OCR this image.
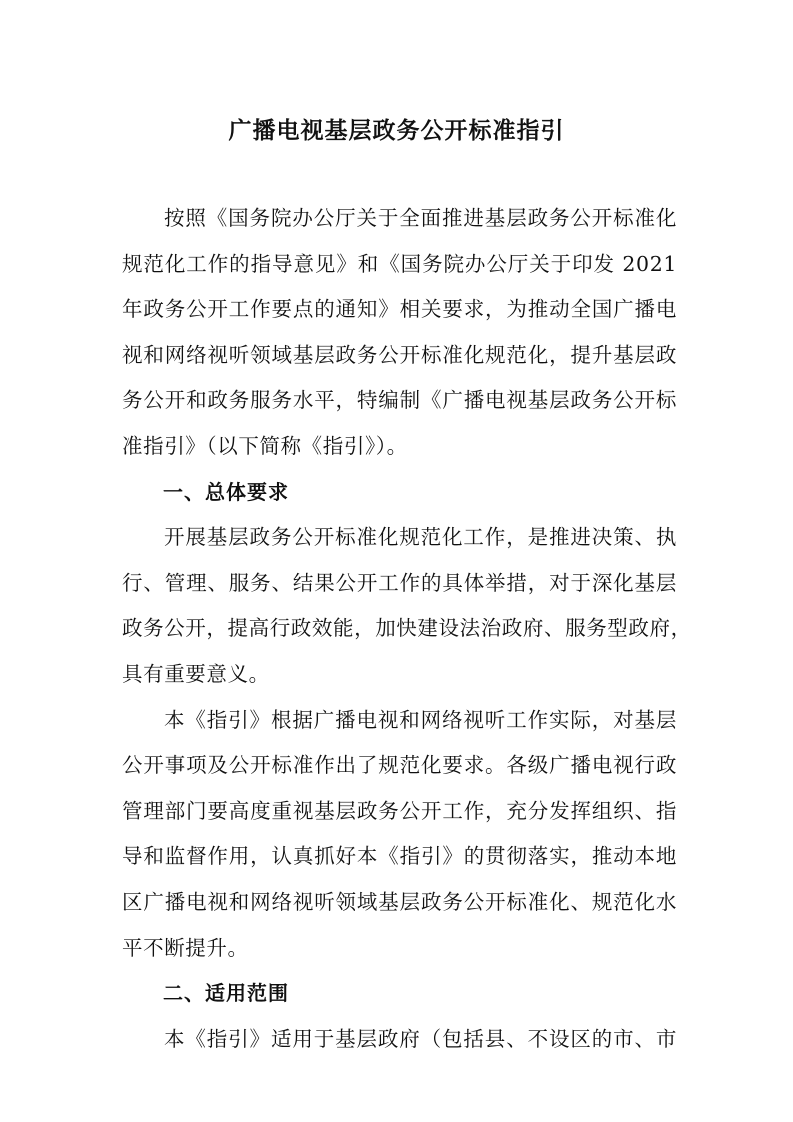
广播电视基层政务公开标准指引

按照《国务院办公厅关于全面推进基层政务公开标准化
规范化工作的指导意见》和《国务院办公厅关于印发 2021
年政务公开工作要点的通知》相关要求，为推动全国广播电
视和网络视听领域基层政务公开标准化规范化，提升基层政
务公开和政务服务水平，特编制《广播电视基层政务公开标
准指引》（以下简称《指引》）。

一、总体要求

开展基层政务公开标准化规范化工作，是推进决策、执
行、管理、服务、结果公开工作的具体举措，对于深化基层
政务公开，提高行政效能，加快建设法治政府、服务型政府，
具有重要意义。

本《指引》根据广播电视和网络视听工作实际，对基层
公开事项及公开标准作出了规范化要求。各级广播电视行政
管理部门要高度重视基层政务公开工作，充分发挥组织、指
导和监督作用，认真抓好本《指引》的贯彻落实，推动本地
区广播电视和网络视听领域基层政务公开标准化、规范化水
平不断提升。

二、适用范围

本《指引》适用于基层政府（包括县、不设区的市、市
